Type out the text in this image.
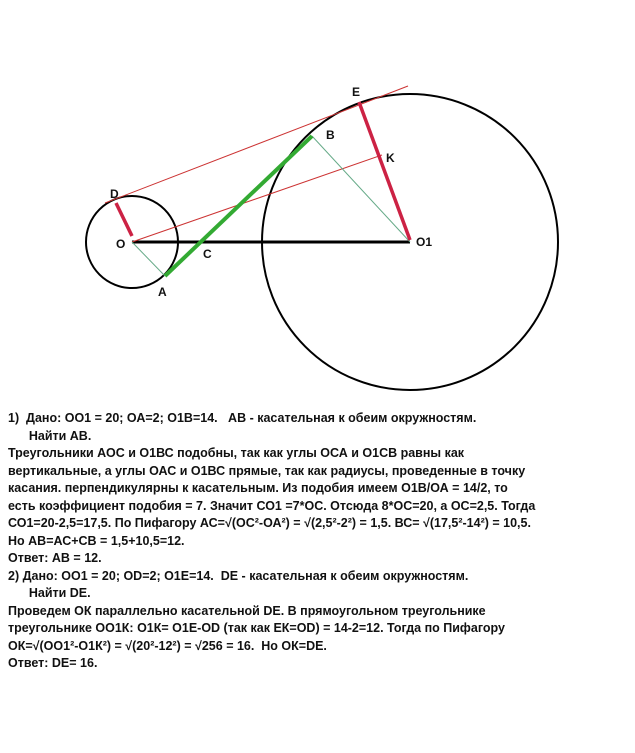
E
B
K
D
O	O1
C
A
1)  Дано: ОО1 = 20; ОА=2; О1В=14.   АВ - касательная к обеим окружностям.
Найти АВ.
Треугольники АОС и О1ВС подобны, так как углы ОСА и О1СВ равны как
вертикальные, а углы ОАС и О1ВС прямые, так как радиусы, проведенные в точку
касания. перпендикулярны к касательным. Из подобия имеем О1В/ОА = 14/2, то
есть коэффициент подобия = 7. Значит СО1 =7*ОС. Отсюда 8*ОС=20, а ОС=2,5. Тогда
СО1=20-2,5=17,5. По Пифагору АС=√(ОС²-ОА²) = √(2,5²-2²) = 1,5. ВС= √(17,5²-14²) = 10,5.
Но АВ=АС+СВ = 1,5+10,5=12.
Ответ: АВ = 12.
2) Дано: ОО1 = 20; OD=2; O1E=14.  DE - касательная к обеим окружностям.
Найти DE.
Проведем ОК параллельно касательной DE. В прямоугольном треугольнике
треугольнике ОО1К: О1К= О1Е-OD (так как ЕК=OD) = 14-2=12. Тогда по Пифагору
ОК=√(ОО1²-О1К²) = √(20²-12²) = √256 = 16.  Но ОК=DE.
Ответ: DE= 16.
